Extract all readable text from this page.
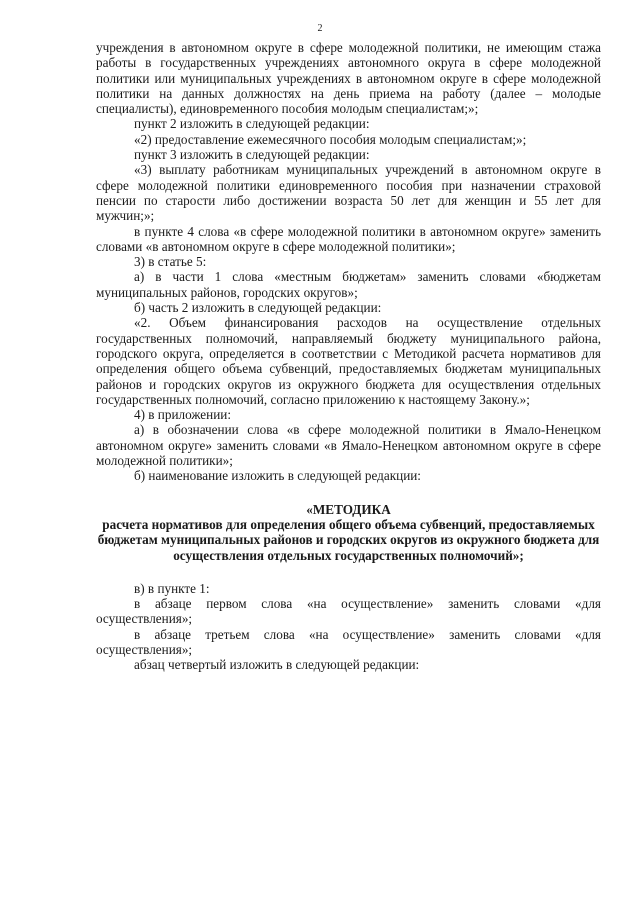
2

учреждения в автономном округе в сфере молодежной политики, не имеющим стажа работы в государственных учреждениях автономного округа в сфере молодежной политики или муниципальных учреждениях в автономном округе в сфере молодежной политики на данных должностях на день приема на работу (далее – молодые специалисты), единовременного пособия молодым специалистам;»;

пункт 2 изложить в следующей редакции:

«2) предоставление ежемесячного пособия молодым специалистам;»;

пункт 3 изложить в следующей редакции:

«3) выплату работникам муниципальных учреждений в автономном округе в сфере молодежной политики единовременного пособия при назначении страховой пенсии по старости либо достижении возраста 50 лет для женщин и 55 лет для мужчин;»;

в пункте 4 слова «в сфере молодежной политики в автономном округе» заменить словами «в автономном округе в сфере молодежной политики»;

3) в статье 5:

а) в части 1 слова «местным бюджетам» заменить словами «бюджетам муниципальных районов, городских округов»;

б) часть 2 изложить в следующей редакции:

«2. Объем финансирования расходов на осуществление отдельных государственных полномочий, направляемый бюджету муниципального района, городского округа, определяется в соответствии с Методикой расчета нормативов для определения общего объема субвенций, предоставляемых бюджетам муниципальных районов и городских округов из окружного бюджета для осуществления отдельных государственных полномочий, согласно приложению к настоящему Закону.»;

4) в приложении:

а) в обозначении слова «в сфере молодежной политики в Ямало-Ненецком автономном округе» заменить словами «в Ямало-Ненецком автономном округе в сфере молодежной политики»;

б) наименование изложить в следующей редакции:

«МЕТОДИКА

расчета нормативов для определения общего объема субвенций, предоставляемых бюджетам муниципальных районов и городских округов из окружного бюджета для осуществления отдельных государственных полномочий»;

в) в пункте 1:

в абзаце первом слова «на осуществление» заменить словами «для осуществления»;

в абзаце третьем слова «на осуществление» заменить словами «для осуществления»;

абзац четвертый изложить в следующей редакции:
